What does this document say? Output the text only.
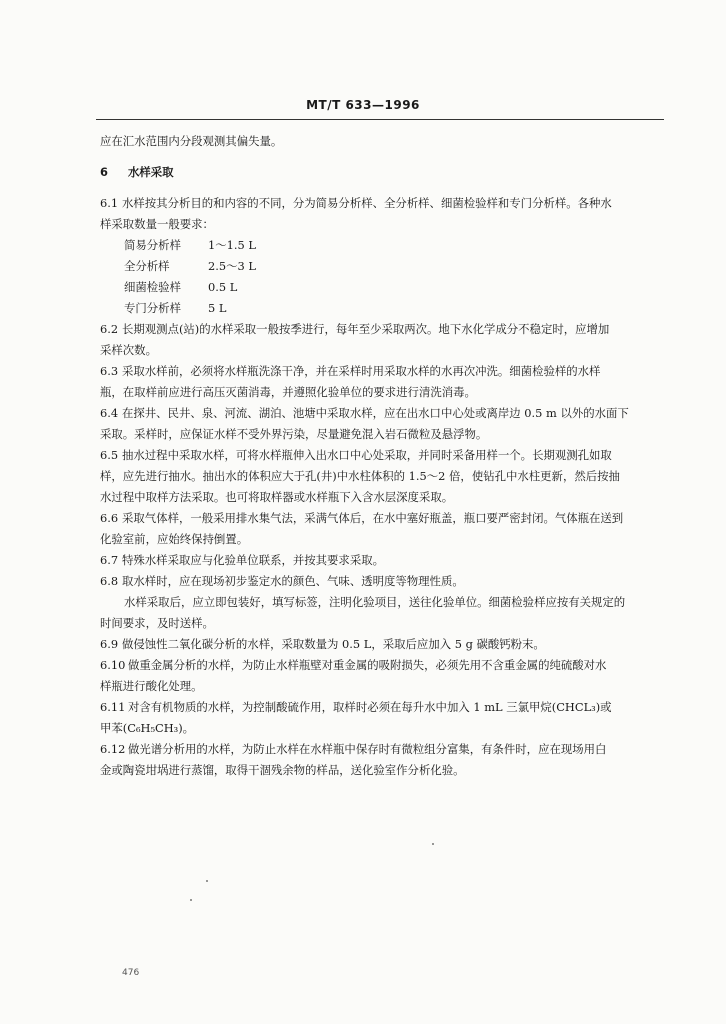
MT/T 633—1996
应在汇水范围内分段观测其偏失量。
6 水样采取
6.1 水样按其分析目的和内容的不同，分为简易分析样、全分析样、细菌检验样和专门分析样。各种水
样采取数量一般要求：
简易分析样 1～1.5 L
全分析样	2.5～3 L
细菌检验样 0.5 L
专门分析样 5 L
6.2 长期观测点(站)的水样采取一般按季进行，每年至少采取两次。地下水化学成分不稳定时，应增加
采样次数。
6.3 采取水样前，必须将水样瓶洗涤干净，并在采样时用采取水样的水再次冲洗。细菌检验样的水样
瓶，在取样前应进行高压灭菌消毒，并遵照化验单位的要求进行清洗消毒。
6.4 在探井、民井、泉、河流、湖泊、池塘中采取水样，应在出水口中心处或离岸边 0.5 m 以外的水面下
采取。采样时，应保证水样不受外界污染，尽量避免混入岩石微粒及悬浮物。
6.5 抽水过程中采取水样，可将水样瓶伸入出水口中心处采取，并同时采备用样一个。长期观测孔如取
样，应先进行抽水。抽出水的体积应大于孔(井)中水柱体积的 1.5～2 倍，使钻孔中水柱更新，然后按抽
水过程中取样方法采取。也可将取样器或水样瓶下入含水层深度采取。
6.6 采取气体样，一般采用排水集气法，采满气体后，在水中塞好瓶盖，瓶口要严密封闭。气体瓶在送到
化验室前，应始终保持倒置。
6.7 特殊水样采取应与化验单位联系，并按其要求采取。
6.8 取水样时，应在现场初步鉴定水的颜色、气味、透明度等物理性质。
水样采取后，应立即包装好，填写标签，注明化验项目，送往化验单位。细菌检验样应按有关规定的
时间要求，及时送样。
6.9 做侵蚀性二氧化碳分析的水样，采取数量为 0.5 L，采取后应加入 5 g 碳酸钙粉末。
6.10 做重金属分析的水样，为防止水样瓶壁对重金属的吸附损失，必须先用不含重金属的纯硫酸对水
样瓶进行酸化处理。
6.11 对含有机物质的水样，为控制酸硫作用，取样时必须在每升水中加入 1 mL 三氯甲烷(CHCL₃)或
甲苯(C₆H₅CH₃)。
6.12 做光谱分析用的水样，为防止水样在水样瓶中保存时有微粒组分富集，有条件时，应在现场用白
金或陶瓷坩埚进行蒸馏，取得干涸残余物的样品，送化验室作分析化验。
476
